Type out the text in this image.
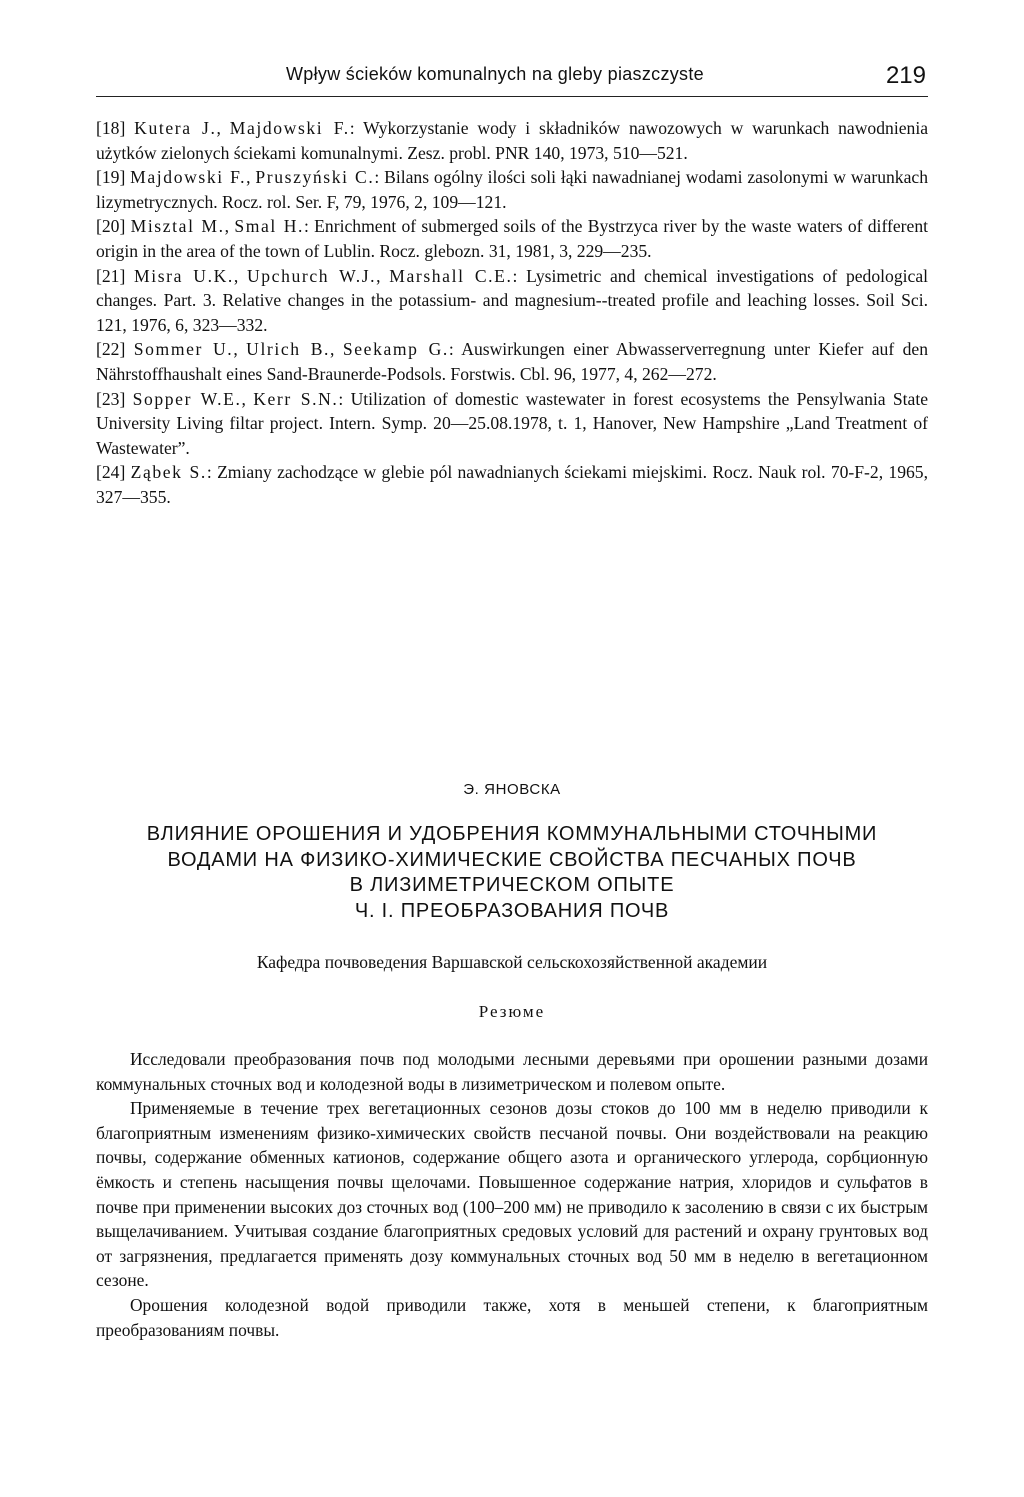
Wpływ ścieków komunalnych na gleby piaszczyste	219
[18] Kutera J., Majdowski F.: Wykorzystanie wody i składników nawozowych w warunkach nawodnienia użytków zielonych ściekami komunalnymi. Zesz. probl. PNR 140, 1973, 510—521.
[19] Majdowski F., Pruszyński C.: Bilans ogólny ilości soli łąki nawadnianej wodami zasolonymi w warunkach lizymetrycznych. Rocz. rol. Ser. F, 79, 1976, 2, 109—121.
[20] Misztal M., Smal H.: Enrichment of submerged soils of the Bystrzyca river by the waste waters of different origin in the area of the town of Lublin. Rocz. glebozn. 31, 1981, 3, 229—235.
[21] Misra U.K., Upchurch W.J., Marshall C.E.: Lysimetric and chemical investigations of pedological changes. Part. 3. Relative changes in the potassium- and magnesium--treated profile and leaching losses. Soil Sci. 121, 1976, 6, 323—332.
[22] Sommer U., Ulrich B., Seekamp G.: Auswirkungen einer Abwasserverregnung unter Kiefer auf den Nährstoffhaushalt eines Sand-Braunerde-Podsols. Forstwis. Cbl. 96, 1977, 4, 262—272.
[23] Sopper W.E., Kerr S.N.: Utilization of domestic wastewater in forest ecosystems the Pensylwania State University Living filtar project. Intern. Symp. 20—25.08.1978, t. 1, Hanover, New Hampshire „Land Treatment of Wastewater”.
[24] Ząbek S.: Zmiany zachodzące w glebie pól nawadnianych ściekami miejskimi. Rocz. Nauk rol. 70-F-2, 1965, 327—355.
Э. ЯНОВСКА
ВЛИЯНИЕ ОРОШЕНИЯ И УДОБРЕНИЯ КОММУНАЛЬНЫМИ СТОЧНЫМИ
ВОДАМИ НА ФИЗИКО-ХИМИЧЕСКИЕ СВОЙСТВА ПЕСЧАНЫХ ПОЧВ
В ЛИЗИМЕТРИЧЕСКОМ ОПЫТЕ
Ч. I. ПРЕОБРАЗОВАНИЯ ПОЧВ
Кафедра почвоведения Варшавской сельскохозяйственной академии
Резюме

Исследовали преобразования почв под молодыми лесными деревьями при орошении разными дозами коммунальных сточных вод и колодезной воды в лизиметрическом и полевом опыте.

Применяемые в течение трех вегетационных сезонов дозы стоков до 100 мм в неделю приводили к благоприятным изменениям физико-химических свойств песчаной почвы. Они воздействовали на реакцию почвы, содержание обменных катионов, содержание общего азота и органического углерода, сорбционную ёмкость и степень насыщения почвы щелочами. Повышенное содержание натрия, хлоридов и сульфатов в почве при применении высоких доз сточных вод (100–200 мм) не приводило к засолению в связи с их быстрым выщелачиванием. Учитывая создание благоприятных средовых условий для растений и охрану грунтовых вод от загрязнения, предлагается применять дозу коммунальных сточных вод 50 мм в неделю в вегетационном сезоне.

Орошения колодезной водой приводили также, хотя в меньшей степени, к благоприятным преобразованиям почвы.
